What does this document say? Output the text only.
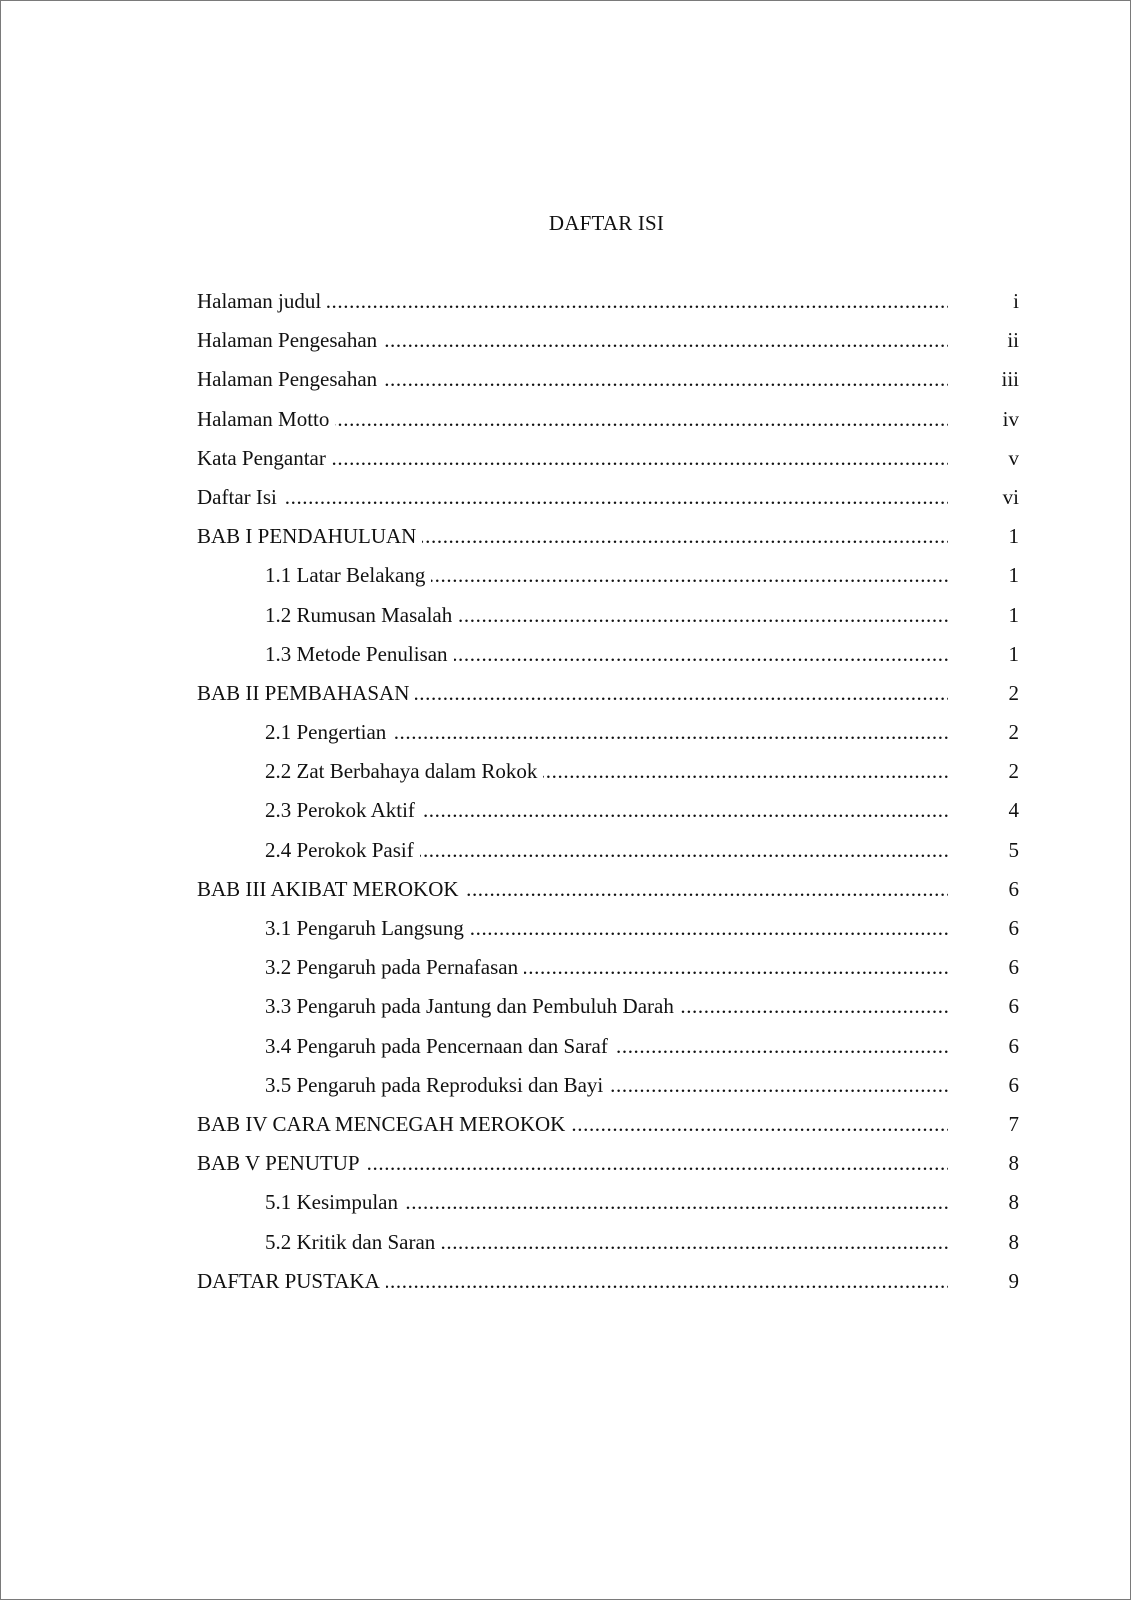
DAFTAR ISI
Halaman judul .....	i
Halaman Pengesahan .....	ii
Halaman Pengesahan .....	iii
Halaman Motto .....	iv
Kata Pengantar .....	v
Daftar Isi .....	vi
BAB I PENDAHULUAN .....	1
1.1 Latar Belakang .....	1
1.2 Rumusan Masalah .....	1
1.3 Metode Penulisan .....	1
BAB II PEMBAHASAN .....	2
2.1 Pengertian .....	2
2.2 Zat Berbahaya dalam Rokok .....	2
2.3 Perokok Aktif .....	4
2.4 Perokok Pasif .....	5
BAB III AKIBAT MEROKOK .....	6
3.1 Pengaruh Langsung .....	6
3.2 Pengaruh pada Pernafasan .....	6
3.3 Pengaruh pada Jantung dan Pembuluh Darah .....	6
3.4 Pengaruh pada Pencernaan dan Saraf .....	6
3.5 Pengaruh pada Reproduksi dan Bayi .....	6
BAB IV CARA MENCEGAH MEROKOK .....	7
BAB V PENUTUP .....	8
5.1 Kesimpulan .....	8
5.2 Kritik dan Saran .....	8
DAFTAR PUSTAKA .....	9
